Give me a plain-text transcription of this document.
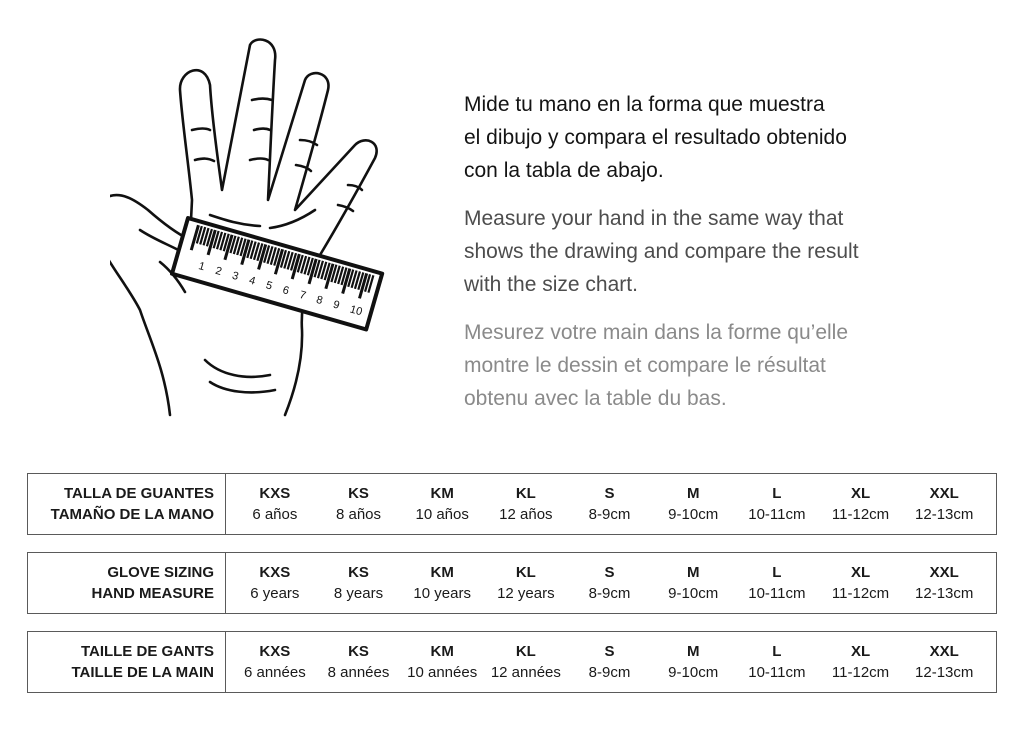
1 2 3 4 5 6 7 8 9 10

Mide tu mano en la forma que muestra
el dibujo y compara el resultado obtenido
con la tabla de abajo.

Measure your hand in the same way that
shows the drawing and compare the result
with the size chart.

Mesurez votre main dans la forme qu’elle
montre le dessin et compare le résultat
obtenu avec la table du bas.

TALLA DE GUANTES
TAMAÑO DE LA MANO
KXS
6 años
KS
8 años
KM
10 años
KL
12 años
S
8-9cm
M
9-10cm
L
10-11cm
XL
11-12cm
XXL
12-13cm
GLOVE SIZING
HAND MEASURE
KXS
6 years
KS
8 years
KM
10 years
KL
12 years
S
8-9cm
M
9-10cm
L
10-11cm
XL
11-12cm
XXL
12-13cm
TAILLE DE GANTS
TAILLE DE LA MAIN
KXS
6 années
KS
8 années
KM
10 années
KL
12 années
S
8-9cm
M
9-10cm
L
10-11cm
XL
11-12cm
XXL
12-13cm
